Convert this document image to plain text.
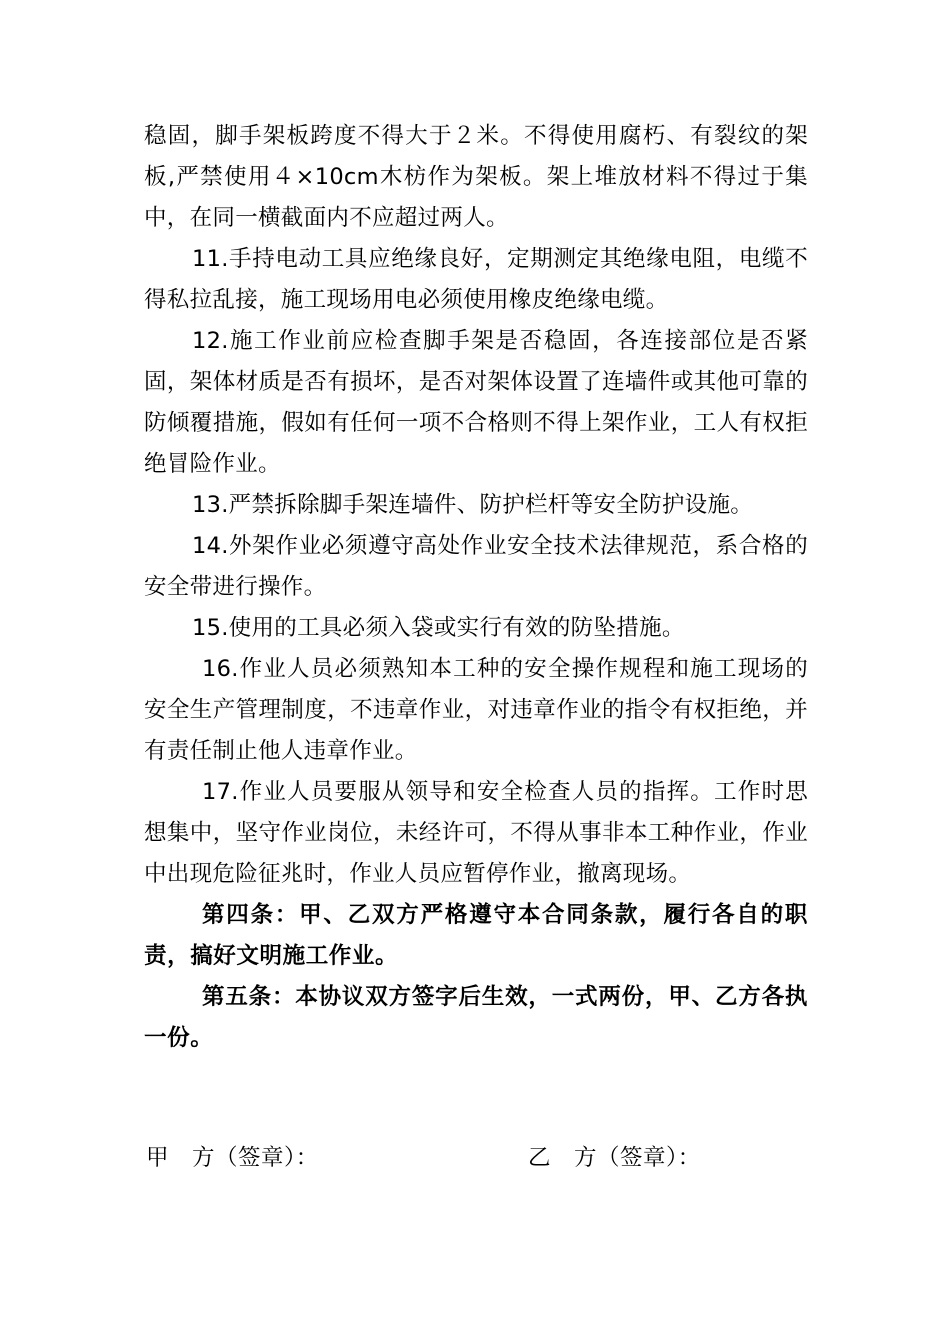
稳固，脚手架板跨度不得大于２米。不得使用腐朽、有裂纹的架板,严禁使用４×10cm木枋作为架板。架上堆放材料不得过于集中，在同一横截面内不应超过两人。

11.手持电动工具应绝缘良好，定期测定其绝缘电阻，电缆不得私拉乱接，施工现场用电必须使用橡皮绝缘电缆。

12.施工作业前应检查脚手架是否稳固，各连接部位是否紧固，架体材质是否有损坏，是否对架体设置了连墙件或其他可靠的防倾覆措施，假如有任何一项不合格则不得上架作业，工人有权拒绝冒险作业。

13.严禁拆除脚手架连墙件、防护栏杆等安全防护设施。

14.外架作业必须遵守高处作业安全技术法律规范，系合格的安全带进行操作。

15.使用的工具必须入袋或实行有效的防坠措施。

16.作业人员必须熟知本工种的安全操作规程和施工现场的安全生产管理制度，不违章作业，对违章作业的指令有权拒绝，并有责任制止他人违章作业。

17.作业人员要服从领导和安全检查人员的指挥。工作时思想集中，坚守作业岗位，未经许可，不得从事非本工种作业，作业中出现危险征兆时，作业人员应暂停作业，撤离现场。

第四条：甲、乙双方严格遵守本合同条款，履行各自的职责，搞好文明施工作业。

第五条：本协议双方签字后生效，一式两份，甲、乙方各执一份。

甲　方（签章）：	乙　方（签章）：
